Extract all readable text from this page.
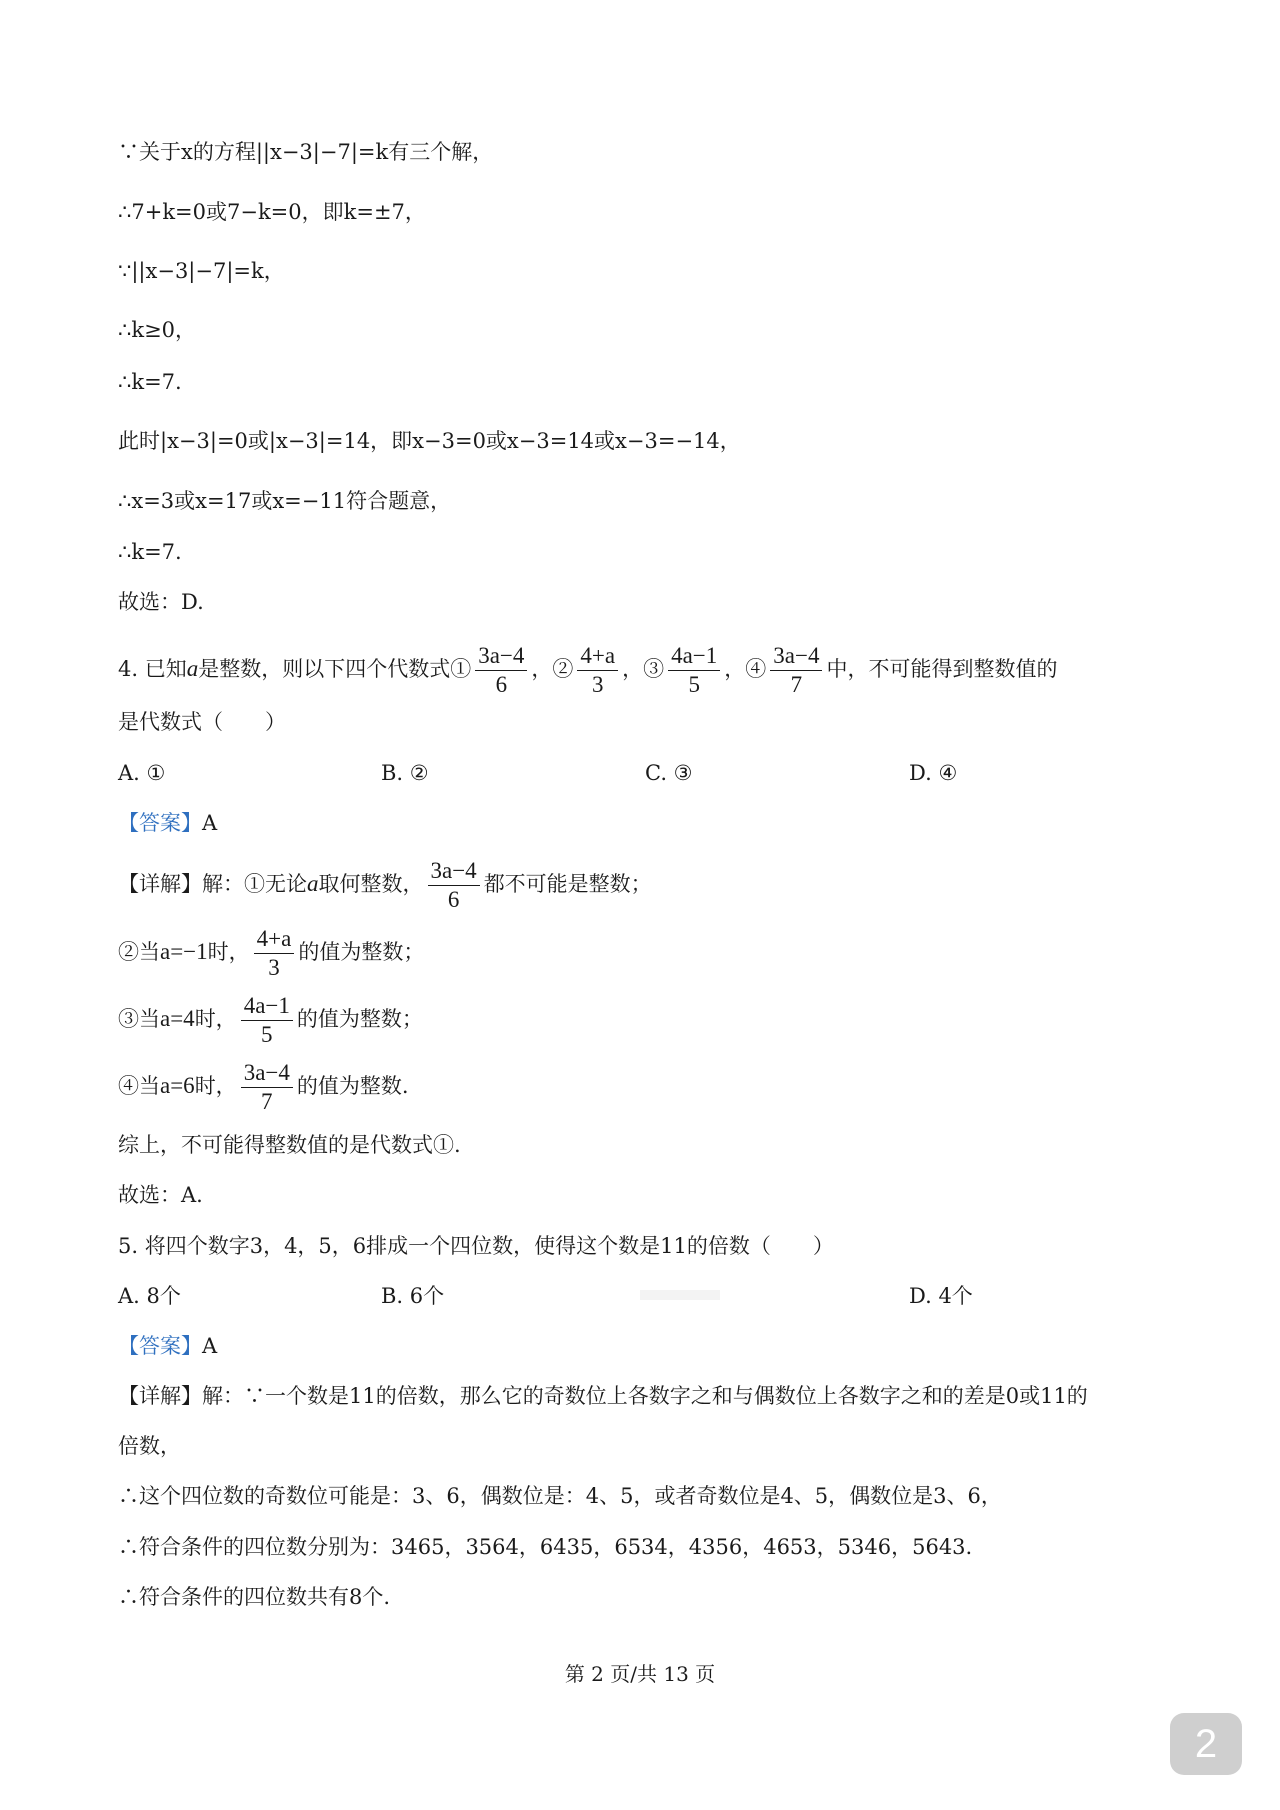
∵关于x的方程||x−3|−7|=k有三个解，
∴7+k=0或7−k=0，即k=±7，
∵||x−3|−7|=k，
∴k≥0，
∴k=7.
此时|x−3|=0或|x−3|=14，即x−3=0或x−3=14或x−3=−14，
∴x=3或x=17或x=−11符合题意，
∴k=7.
故选：D.
4. 已知a是整数，则以下四个代数式① $\frac{3a-4}{6}$ ，② $\frac{4+a}{3}$ ，③ $\frac{4a-1}{5}$ ，④ $\frac{3a-4}{7}$ 中，不可能得到整数值的
是代数式（　　）
A. ①	B. ②	C. ③	D. ④
【答案】A
【详解】解：①无论a取何整数， $\frac{3a-4}{6}$ 都不可能是整数；
②当a=−1时， $\frac{4+a}{3}$ 的值为整数；
③当a=4时， $\frac{4a-1}{5}$ 的值为整数；
④当a=6时， $\frac{3a-4}{7}$ 的值为整数.
综上，不可能得整数值的是代数式①.
故选：A.
5. 将四个数字3，4，5，6排成一个四位数，使得这个数是11的倍数（　　）
A. 8个	B. 6个	D. 4个
【答案】A
【详解】解：∵一个数是11的倍数，那么它的奇数位上各数字之和与偶数位上各数字之和的差是0或11的
倍数，
∴这个四位数的奇数位可能是：3、6，偶数位是：4、5，或者奇数位是4、5，偶数位是3、6，
∴符合条件的四位数分别为：3465，3564，6435，6534，4356，4653，5346，5643.
∴符合条件的四位数共有8个.
第 2 页/共 13 页
2
